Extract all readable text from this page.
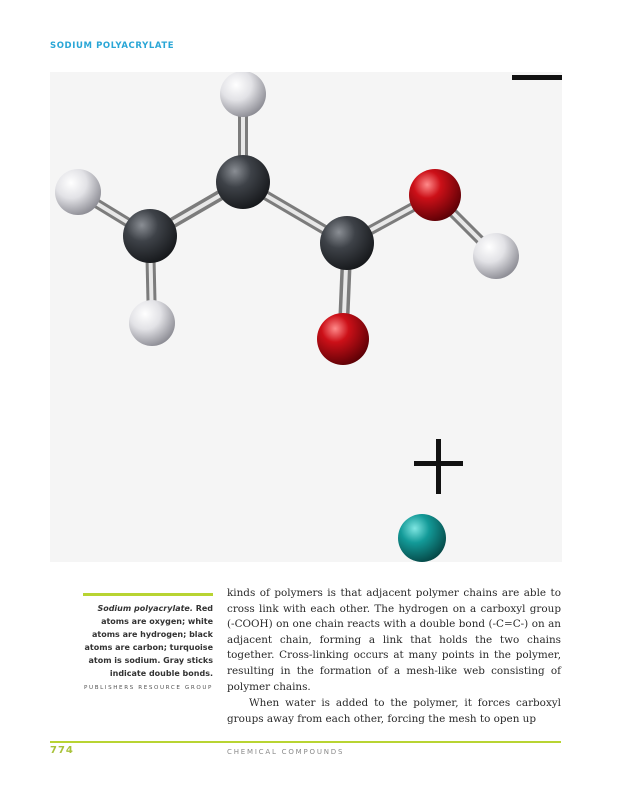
SODIUM POLYACRYLATE
Sodium polyacrylate. Red atoms are oxygen; white atoms are hydrogen; black atoms are carbon; turquoise atom is sodium. Gray sticks indicate double bonds. PUBLISHERS RESOURCE GROUP

kinds of polymers is that adjacent polymer chains are able to cross link with each other. The hydrogen on a carboxyl group (-COOH) on one chain reacts with a double bond (-C=C-) on an adjacent chain, forming a link that holds the two chains together. Cross-linking occurs at many points in the polymer, resulting in the formation of a mesh-like web consisting of polymer chains.

When water is added to the polymer, it forces carboxyl groups away from each other, forcing the mesh to open up

774	CHEMICAL COMPOUNDS
